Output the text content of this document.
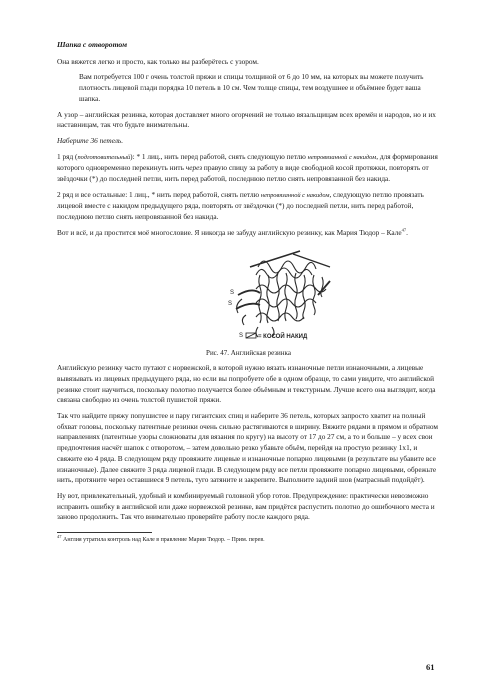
Шапка с отворотом

Она вяжется легко и просто, как только вы разберётесь с узором.

Вам потребуется 100 г очень толстой пряжи и спицы толщиной от 6 до 10 мм, на которых вы можете получить плотность лицевой глади порядка 10 петель в 10 см. Чем толще спицы, тем воздушнее и объёмнее будет ваша шапка.

А узор – английская резинка, которая доставляет много огорчений не только вязальщицам всех времён и народов, но и их наставницам, так что будьте внимательны.

Наберите 36 петель.

1 ряд (подготовительный): * 1 лиц., нить перед работой, снять следующую петлю непровязанной с накидом, для формирования которого одновременно перекинуть нить через правую спицу за работу в виде свободной косой протяжки, повторять от звёздочки (*) до последней петли, нить перед работой, последнюю петлю снять непровязанной без накида.

2 ряд и все остальные: 1 лиц., * нить перед работой, снять петлю непровязанной с накидом, следующую петлю провязать лицевой вместе с накидом предыдущего ряда, повторять от звёздочки (*) до последней петли, нить перед работой, последнюю петлю снять непровязанной без накида.

Вот и всё, и да простится моё многословие. Я никогда не забуду английскую резинку, как Мария Тюдор – Кале$^{47}$.

S
S
S = КОСОЙ НАКИД

Рис. 47. Английская резинка

Английскую резинку часто путают с норвежской, в которой нужно вязать изнаночные петли изнаночными, а лицевые вывязывать из лицевых предыдущего ряда, но если вы попробуете обе в одном образце, то сами увидите, что английской резинке стоит научиться, поскольку полотно получается более объёмным и текстурным. Лучше всего она выглядит, когда связана свободно из очень толстой пушистой пряжи.

Так что найдите пряжу попушистее и пару гигантских спиц и наберите 36 петель, которых запросто хватит на полный обхват головы, поскольку патентные резинки очень сильно растягиваются в ширину. Вяжите рядами в прямом и обратном направлениях (патентные узоры сложноваты для вязания по кругу) на высоту от 17 до 27 см, а то и больше – у всех свои предпочтения насчёт шапок с отворотом, – затем довольно резко убавьте объём, перейдя на простую резинку 1х1, и свяжите ею 4 ряда. В следующем ряду провяжите лицевые и изнаночные попарно лицевыми (в результате вы убавите все изнаночные). Далее свяжите 3 ряда лицевой глади. В следующем ряду все петли провяжите попарно лицевыми, обрежьте нить, протяните через оставшиеся 9 петель, туго затяните и закрепите. Выполните задний шов (матрасный подойдёт).

Ну вот, привлекательный, удобный и комбинируемый головной убор готов. Предупреждение: практически невозможно исправить ошибку в английской или даже норвежской резинке, вам придётся распустить полотно до ошибочного места и заново продолжить. Так что внимательно проверяйте работу после каждого ряда.

$^{47}$ Англия утратила контроль над Кале в правление Марии Тюдор. – Прим. перев.

61
